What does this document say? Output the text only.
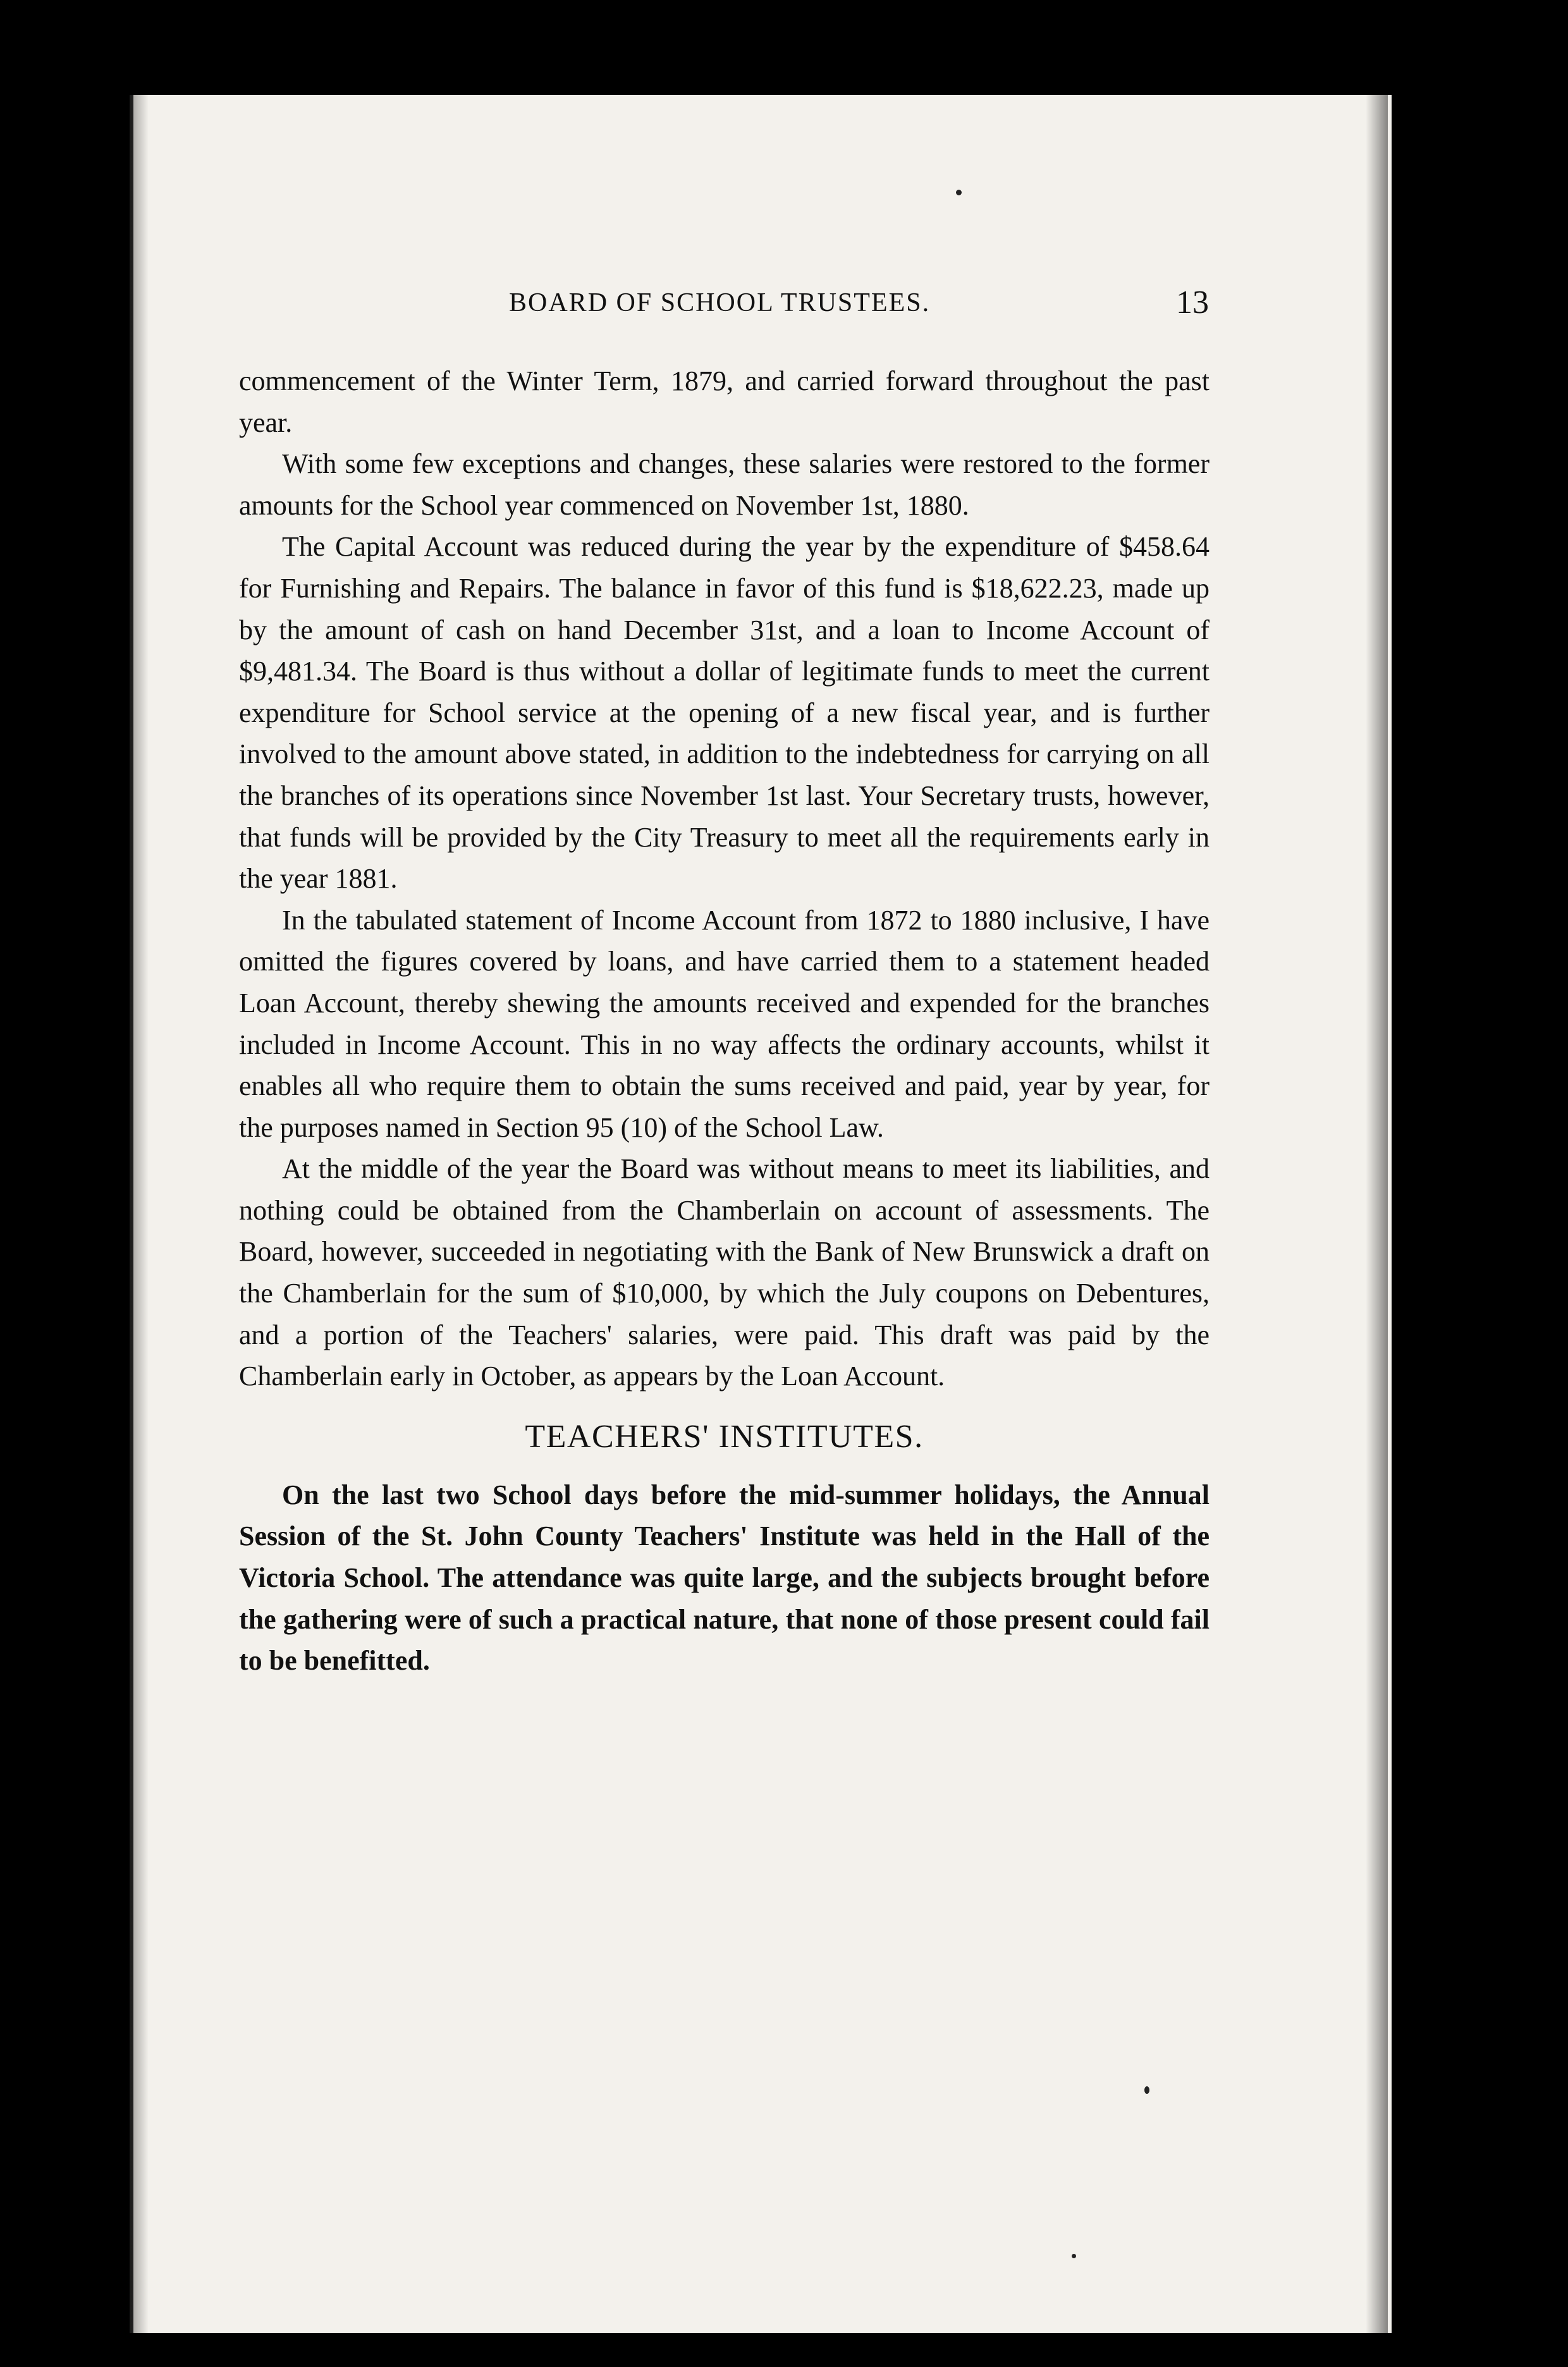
BOARD OF SCHOOL TRUSTEES.	13

commencement of the Winter Term, 1879, and carried forward throughout the past year.

With some few exceptions and changes, these salaries were restored to the former amounts for the School year commenced on November 1st, 1880.

The Capital Account was reduced during the year by the expenditure of $458.64 for Furnishing and Repairs. The balance in favor of this fund is $18,622.23, made up by the amount of cash on hand December 31st, and a loan to Income Account of $9,481.34. The Board is thus without a dollar of legitimate funds to meet the current expenditure for School service at the opening of a new fiscal year, and is further involved to the amount above stated, in addition to the indebtedness for carrying on all the branches of its operations since November 1st last. Your Secretary trusts, however, that funds will be provided by the City Treasury to meet all the requirements early in the year 1881.

In the tabulated statement of Income Account from 1872 to 1880 inclusive, I have omitted the figures covered by loans, and have carried them to a statement headed Loan Account, thereby shewing the amounts received and expended for the branches included in Income Account. This in no way affects the ordinary accounts, whilst it enables all who require them to obtain the sums received and paid, year by year, for the purposes named in Section 95 (10) of the School Law.

At the middle of the year the Board was without means to meet its liabilities, and nothing could be obtained from the Chamberlain on account of assessments. The Board, however, succeeded in negotiating with the Bank of New Brunswick a draft on the Chamberlain for the sum of $10,000, by which the July coupons on Debentures, and a portion of the Teachers' salaries, were paid. This draft was paid by the Chamberlain early in October, as appears by the Loan Account.

TEACHERS' INSTITUTES.

On the last two School days before the mid-summer holidays, the Annual Session of the St. John County Teachers' Institute was held in the Hall of the Victoria School. The attendance was quite large, and the subjects brought before the gathering were of such a practical nature, that none of those present could fail to be benefitted.
